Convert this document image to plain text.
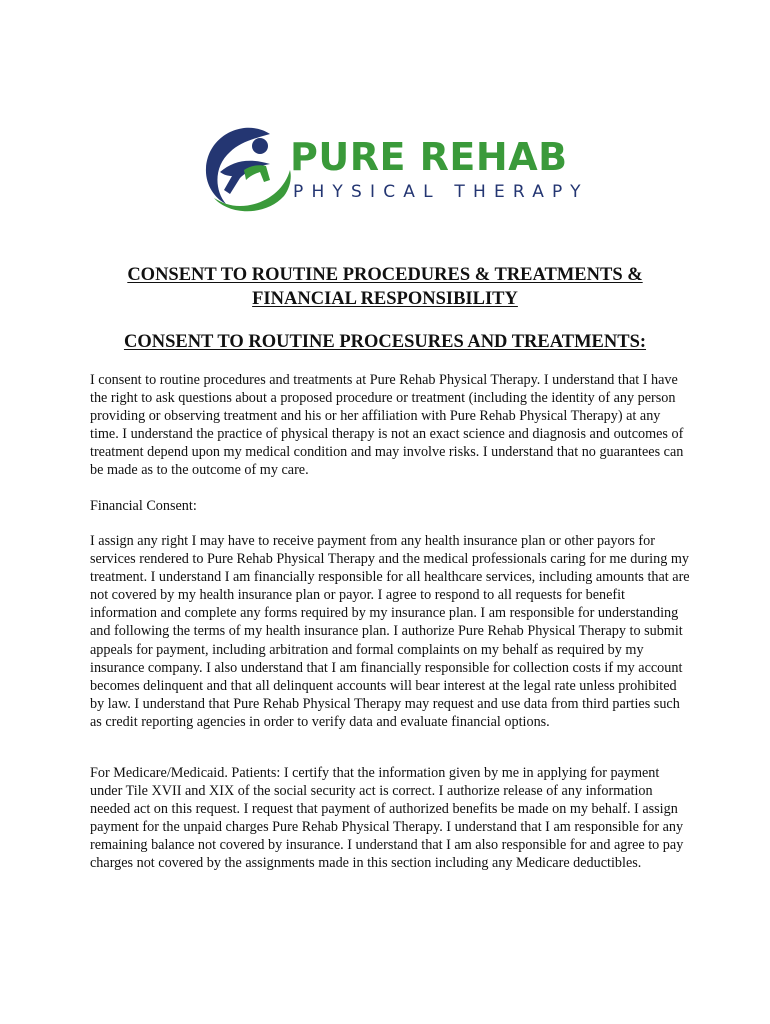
PURE REHAB
PHYSICAL THERAPY
CONSENT TO ROUTINE PROCEDURES & TREATMENTS &
FINANCIAL RESPONSIBILITY
CONSENT TO ROUTINE PROCESURES AND TREATMENTS:

I consent to routine procedures and treatments at Pure Rehab Physical Therapy. I understand that I have the right to ask questions about a proposed procedure or treatment (including the identity of any person providing or observing treatment and his or her affiliation with Pure Rehab Physical Therapy) at any time. I understand the practice of physical therapy is not an exact science and diagnosis and outcomes of treatment depend upon my medical condition and may involve risks. I understand that no guarantees can be made as to the outcome of my care.

Financial Consent:

I assign any right I may have to receive payment from any health insurance plan or other payors for services rendered to Pure Rehab Physical Therapy and the medical professionals caring for me during my treatment. I understand I am financially responsible for all healthcare services, including amounts that are not covered by my health insurance plan or payor. I agree to respond to all requests for benefit information and complete any forms required by my insurance plan. I am responsible for understanding and following the terms of my health insurance plan. I authorize Pure Rehab Physical Therapy to submit appeals for payment, including arbitration and formal complaints on my behalf as required by my insurance company. I also understand that I am financially responsible for collection costs if my account becomes delinquent and that all delinquent accounts will bear interest at the legal rate unless prohibited by law. I understand that Pure Rehab Physical Therapy may request and use data from third parties such as credit reporting agencies in order to verify data and evaluate financial options.

For Medicare/Medicaid. Patients: I certify that the information given by me in applying for payment under Tile XVII and XIX of the social security act is correct. I authorize release of any information needed act on this request. I request that payment of authorized benefits be made on my behalf. I assign payment for the unpaid charges Pure Rehab Physical Therapy. I understand that I am responsible for any remaining balance not covered by insurance. I understand that I am also responsible for and agree to pay charges not covered by the assignments made in this section including any Medicare deductibles.
